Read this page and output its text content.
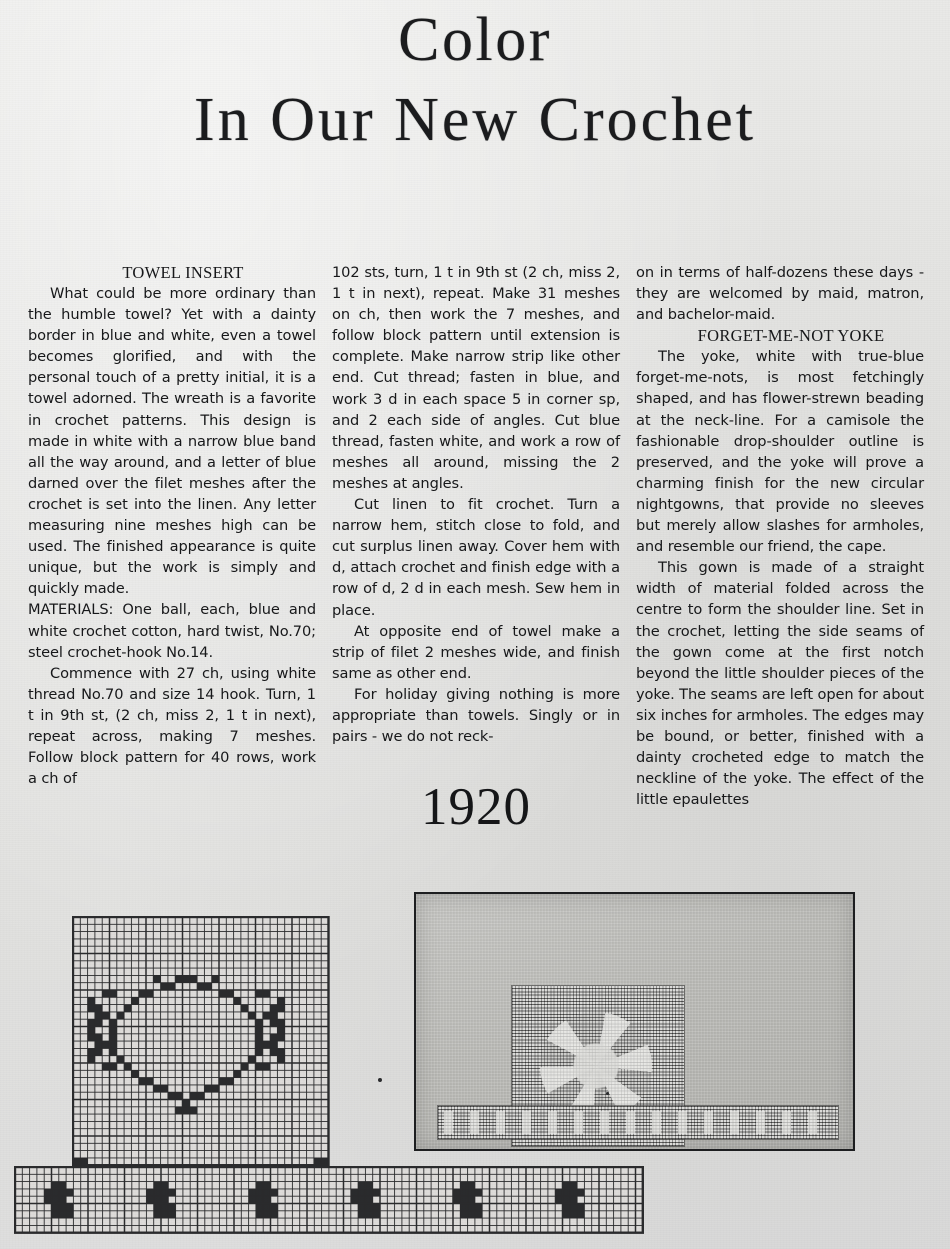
Color
In Our New Crochet

TOWEL INSERT

What could be more ordinary than the humble towel? Yet with a dainty border in blue and white, even a towel becomes glorified, and with the personal touch of a pretty initial, it is a towel adorned. The wreath is a favorite in crochet patterns. This design is made in white with a narrow blue band all the way around, and a letter of blue darned over the filet meshes after the crochet is set into the linen. Any letter measuring nine meshes high can be used. The finished appearance is quite unique, but the work is simply and quickly made.

MATERIALS: One ball, each, blue and white crochet cotton, hard twist, No.70; steel crochet-hook No.14.

Commence with 27 ch, using white thread No.70 and size 14 hook. Turn, 1 t in 9th st, (2 ch, miss 2, 1 t in next), repeat across, making 7 meshes. Follow block pattern for 40 rows, work a ch of

102 sts, turn, 1 t in 9th st (2 ch, miss 2, 1 t in next), repeat. Make 31 meshes on ch, then work the 7 meshes, and follow block pattern until extension is complete. Make narrow strip like other end. Cut thread; fasten in blue, and work 3 d in each space 5 in corner sp, and 2 each side of angles. Cut blue thread, fasten white, and work a row of meshes all around, missing the 2 meshes at angles.

Cut linen to fit crochet. Turn a narrow hem, stitch close to fold, and cut surplus linen away. Cover hem with d, attach crochet and finish edge with a row of d, 2 d in each mesh. Sew hem in place.

At opposite end of towel make a strip of filet 2 meshes wide, and finish same as other end.

For holiday giving nothing is more appropriate than towels. Singly or in pairs - we do not reck-

1920

on in terms of half-dozens these days - they are welcomed by maid, matron, and bachelor-maid.

FORGET-ME-NOT YOKE

The yoke, white with true-blue forget-me-nots, is most fetchingly shaped, and has flower-strewn beading at the neck-line. For a camisole the fashionable drop-shoulder outline is preserved, and the yoke will prove a charming finish for the new circular nightgowns, that provide no sleeves but merely allow slashes for armholes, and resemble our friend, the cape.

This gown is made of a straight width of material folded across the centre to form the shoulder line. Set in the crochet, letting the side seams of the gown come at the first notch beyond the little shoulder pieces of the yoke. The seams are left open for about six inches for armholes. The edges may be bound, or better, finished with a dainty crocheted edge to match the neckline of the yoke. The effect of the little epaulettes
